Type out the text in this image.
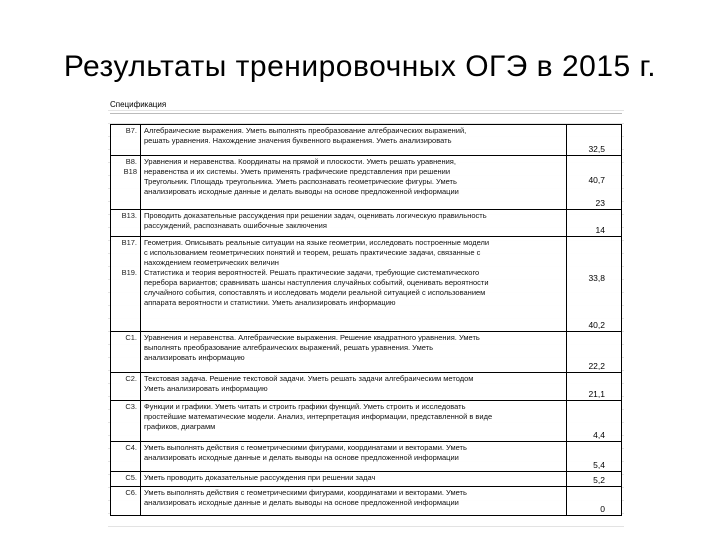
Результаты тренировочных ОГЭ в 2015 г.
Спецификация
В7. Алгебраические выражения. Уметь выполнять преобразование алгебраических выражений,
решать уравнения. Нахождение значения буквенного выражения. Уметь анализировать
32,5
В8.
В18
Уравнения и неравенства. Координаты на прямой и плоскости. Уметь решать уравнения,
неравенства и их системы. Уметь применять графические представления при решении
Треугольник. Площадь треугольника. Уметь распознавать геометрические фигуры. Уметь
анализировать исходные данные и делать выводы на основе предложенной информации
40,7
23
В13. Проводить доказательные рассуждения при решении задач, оценивать логическую правильность
рассуждений, распознавать ошибочные заключения	14
В17.

В19.
Геометрия. Описывать реальные ситуации на языке геометрии, исследовать построенные модели
с использованием геометрических понятий и теорем, решать практические задачи, связанные с
нахождением геометрических величин
Статистика и теория вероятностей. Решать практические задачи, требующие систематического
перебора вариантов; сравнивать шансы наступления случайных событий, оценивать вероятности
случайного события, сопоставлять и исследовать модели реальной ситуацией с использованием
аппарата вероятности и статистики. Уметь анализировать информацию
33,8
40,2
С1. Уравнения и неравенства. Алгебраические выражения. Решение квадратного уравнения. Уметь
выполнять преобразование алгебраических выражений, решать уравнения. Уметь
анализировать информацию
22,2
С2. Текстовая задача. Решение текстовой задачи. Уметь решать задачи алгебраическим методом
Уметь анализировать информацию
21,1
С3. Функции и графики. Уметь читать и строить графики функций. Уметь строить и исследовать
простейшие математические модели. Анализ, интерпретация информации, представленной в виде
графиков, диаграмм
4,4
С4. Уметь выполнять действия с геометрическими фигурами, координатами и векторами. Уметь
анализировать исходные данные и делать выводы на основе предложенной информации
5,4
С5. Уметь проводить доказательные рассуждения при решении задач	5,2
С6. Уметь выполнять действия с геометрическими фигурами, координатами и векторами. Уметь
анализировать исходные данные и делать выводы на основе предложенной информации
0
